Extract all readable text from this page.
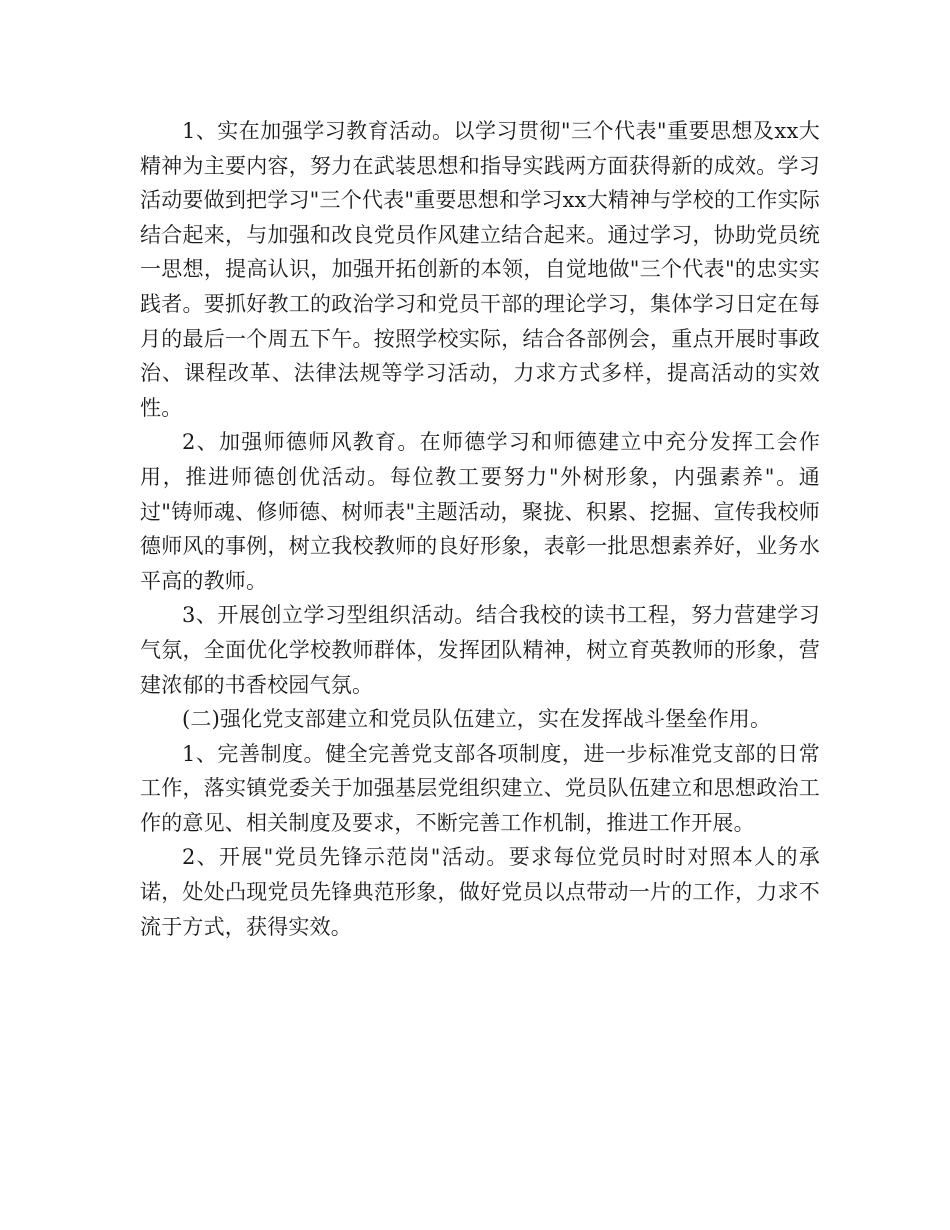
1、实在加强学习教育活动。以学习贯彻"三个代表"重要思想及xx大精神为主要内容，努力在武装思想和指导实践两方面获得新的成效。学习活动要做到把学习"三个代表"重要思想和学习xx大精神与学校的工作实际结合起来，与加强和改良党员作风建立结合起来。通过学习，协助党员统一思想，提高认识，加强开拓创新的本领，自觉地做"三个代表"的忠实实践者。要抓好教工的政治学习和党员干部的理论学习，集体学习日定在每月的最后一个周五下午。按照学校实际，结合各部例会，重点开展时事政治、课程改革、法律法规等学习活动，力求方式多样，提高活动的实效性。

2、加强师德师风教育。在师德学习和师德建立中充分发挥工会作用，推进师德创优活动。每位教工要努力"外树形象，内强素养"。通过"铸师魂、修师德、树师表"主题活动，聚拢、积累、挖掘、宣传我校师德师风的事例，树立我校教师的良好形象，表彰一批思想素养好，业务水平高的教师。

3、开展创立学习型组织活动。结合我校的读书工程，努力营建学习气氛，全面优化学校教师群体，发挥团队精神，树立育英教师的形象，营建浓郁的书香校园气氛。

(二)强化党支部建立和党员队伍建立，实在发挥战斗堡垒作用。

1、完善制度。健全完善党支部各项制度，进一步标准党支部的日常工作，落实镇党委关于加强基层党组织建立、党员队伍建立和思想政治工作的意见、相关制度及要求，不断完善工作机制，推进工作开展。

2、开展"党员先锋示范岗"活动。要求每位党员时时对照本人的承诺，处处凸现党员先锋典范形象，做好党员以点带动一片的工作，力求不流于方式，获得实效。
